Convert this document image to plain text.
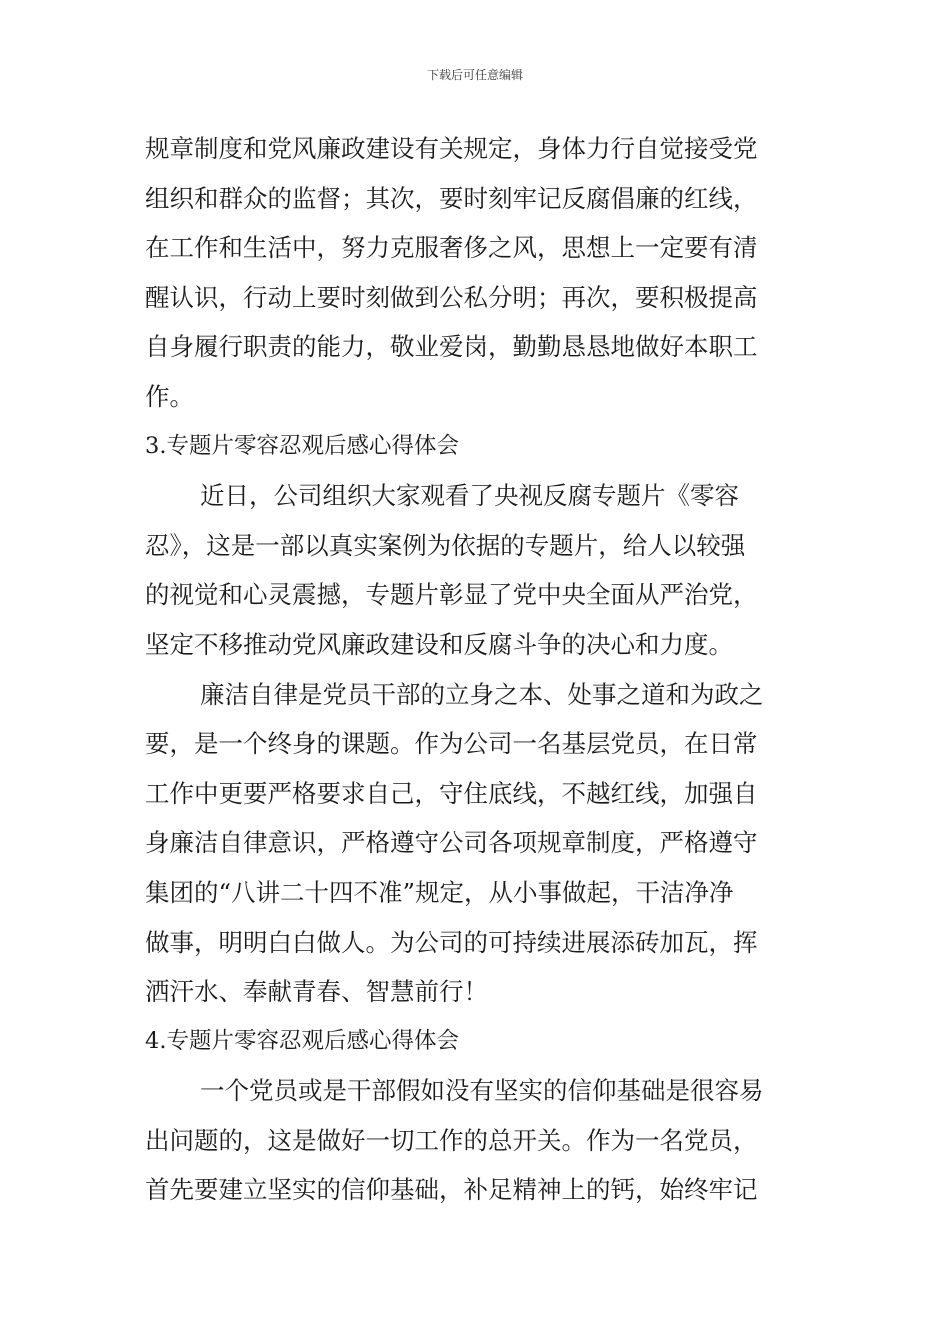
下载后可任意编辑
规章制度和党风廉政建设有关规定，身体力行自觉接受党
组织和群众的监督；其次，要时刻牢记反腐倡廉的红线，
在工作和生活中，努力克服奢侈之风，思想上一定要有清
醒认识，行动上要时刻做到公私分明；再次，要积极提高
自身履行职责的能力，敬业爱岗，勤勤恳恳地做好本职工
作。
3.专题片零容忍观后感心得体会
近日，公司组织大家观看了央视反腐专题片《零容
忍》，这是一部以真实案例为依据的专题片，给人以较强
的视觉和心灵震撼，专题片彰显了党中央全面从严治党，
坚定不移推动党风廉政建设和反腐斗争的决心和力度。
廉洁自律是党员干部的立身之本、处事之道和为政之
要，是一个终身的课题。作为公司一名基层党员，在日常
工作中更要严格要求自己，守住底线，不越红线，加强自
身廉洁自律意识，严格遵守公司各项规章制度，严格遵守
集团的“八讲二十四不准”规定，从小事做起，干洁净净
做事，明明白白做人。为公司的可持续进展添砖加瓦，挥
洒汗水、奉献青春、智慧前行！
4.专题片零容忍观后感心得体会
一个党员或是干部假如没有坚实的信仰基础是很容易
出问题的，这是做好一切工作的总开关。作为一名党员，
首先要建立坚实的信仰基础，补足精神上的钙，始终牢记
